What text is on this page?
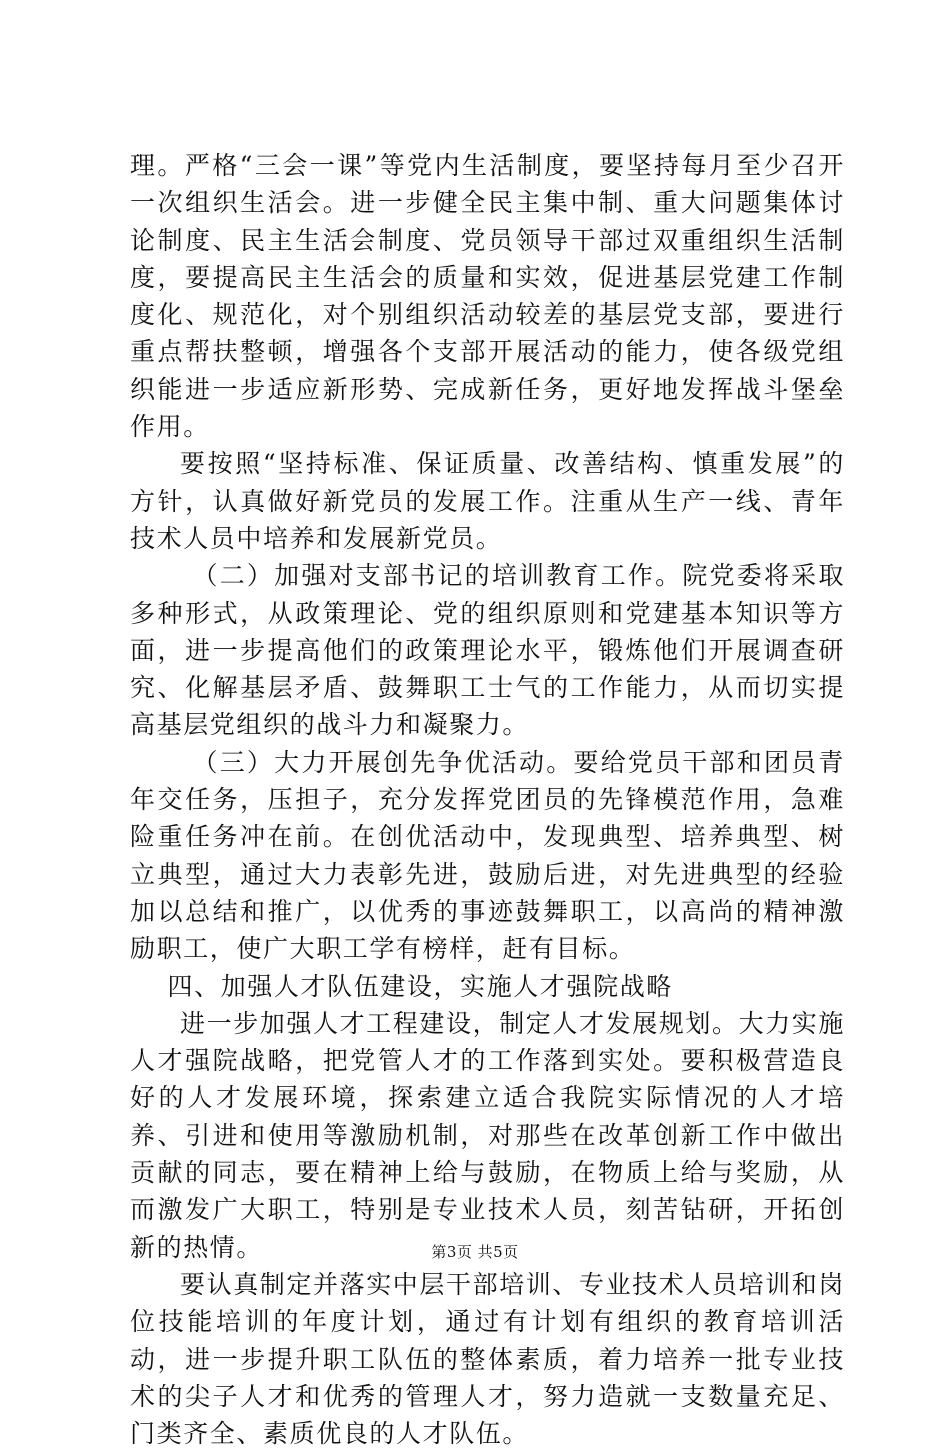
理。严格“三会一课”等党内生活制度，要坚持每月至少召开一次组织生活会。进一步健全民主集中制、重大问题集体讨论制度、民主生活会制度、党员领导干部过双重组织生活制度，要提高民主生活会的质量和实效，促进基层党建工作制度化、规范化，对个别组织活动较差的基层党支部，要进行重点帮扶整顿，增强各个支部开展活动的能力，使各级党组织能进一步适应新形势、完成新任务，更好地发挥战斗堡垒作用。

要按照“坚持标准、保证质量、改善结构、慎重发展”的方针，认真做好新党员的发展工作。注重从生产一线、青年技术人员中培养和发展新党员。

（二）加强对支部书记的培训教育工作。院党委将采取多种形式，从政策理论、党的组织原则和党建基本知识等方面，进一步提高他们的政策理论水平，锻炼他们开展调查研究、化解基层矛盾、鼓舞职工士气的工作能力，从而切实提高基层党组织的战斗力和凝聚力。

（三）大力开展创先争优活动。要给党员干部和团员青年交任务，压担子，充分发挥党团员的先锋模范作用，急难险重任务冲在前。在创优活动中，发现典型、培养典型、树立典型，通过大力表彰先进，鼓励后进，对先进典型的经验加以总结和推广，以优秀的事迹鼓舞职工，以高尚的精神激励职工，使广大职工学有榜样，赶有目标。

四、加强人才队伍建设，实施人才强院战略

进一步加强人才工程建设，制定人才发展规划。大力实施人才强院战略，把党管人才的工作落到实处。要积极营造良好的人才发展环境，探索建立适合我院实际情况的人才培养、引进和使用等激励机制，对那些在改革创新工作中做出贡献的同志，要在精神上给与鼓励，在物质上给与奖励，从而激发广大职工，特别是专业技术人员，刻苦钻研，开拓创新的热情。

要认真制定并落实中层干部培训、专业技术人员培训和岗位技能培训的年度计划，通过有计划有组织的教育培训活动，进一步提升职工队伍的整体素质，着力培养一批专业技术的尖子人才和优秀的管理人才，努力造就一支数量充足、门类齐全、素质优良的人才队伍。

第3页 共5页
